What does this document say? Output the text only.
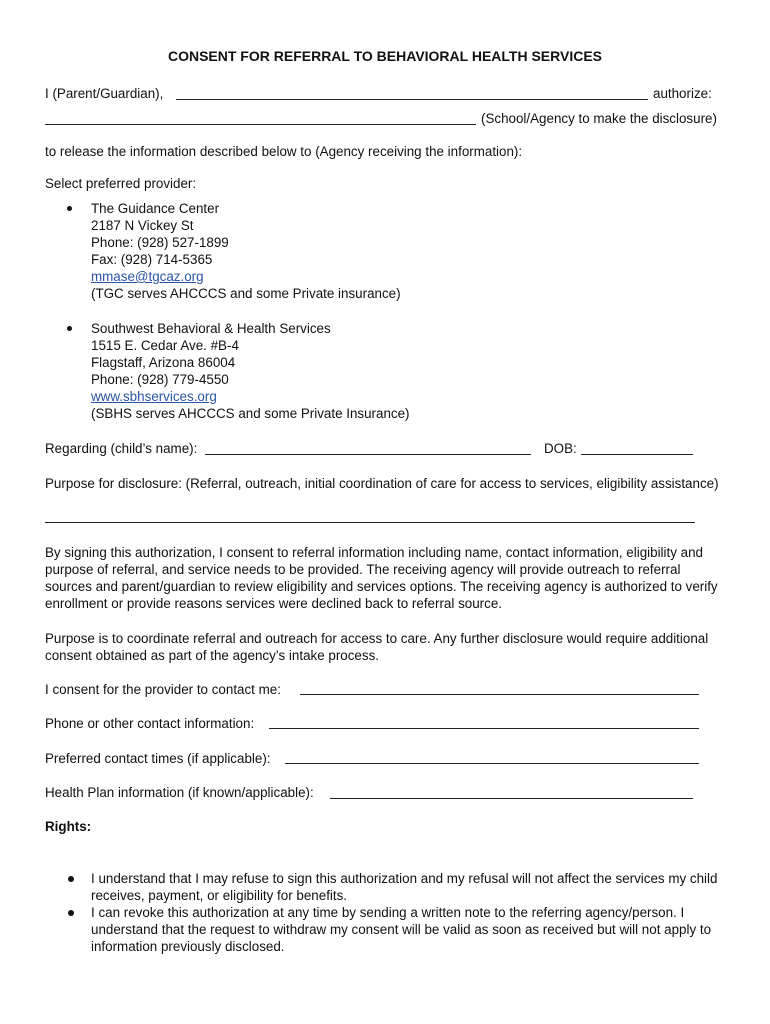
CONSENT FOR REFERRAL TO BEHAVIORAL HEALTH SERVICES
I (Parent/Guardian),	authorize:
(School/Agency to make the disclosure)
to release the information described below to (Agency receiving the information):
Select preferred provider:
The Guidance Center
2187 N Vickey St
Phone: (928) 527-1899
Fax: (928) 714-5365
mmase@tgcaz.org
(TGC serves AHCCCS and some Private insurance)
Southwest Behavioral & Health Services
1515 E. Cedar Ave. #B-4
Flagstaff, Arizona 86004
Phone: (928) 779-4550
www.sbhservices.org
(SBHS serves AHCCCS and some Private Insurance)
Regarding (child’s name):	DOB:
Purpose for disclosure: (Referral, outreach, initial coordination of care for access to services, eligibility assistance)
By signing this authorization, I consent to referral information including name, contact information, eligibility and purpose of referral, and service needs to be provided. The receiving agency will provide outreach to referral sources and parent/guardian to review eligibility and services options. The receiving agency is authorized to verify enrollment or provide reasons services were declined back to referral source.
Purpose is to coordinate referral and outreach for access to care. Any further disclosure would require additional consent obtained as part of the agency’s intake process.
I consent for the provider to contact me:
Phone or other contact information:
Preferred contact times (if applicable):
Health Plan information (if known/applicable):
Rights:
I understand that I may refuse to sign this authorization and my refusal will not affect the services my child receives, payment, or eligibility for benefits.
I can revoke this authorization at any time by sending a written note to the referring agency/person. I understand that the request to withdraw my consent will be valid as soon as received but will not apply to information previously disclosed.
